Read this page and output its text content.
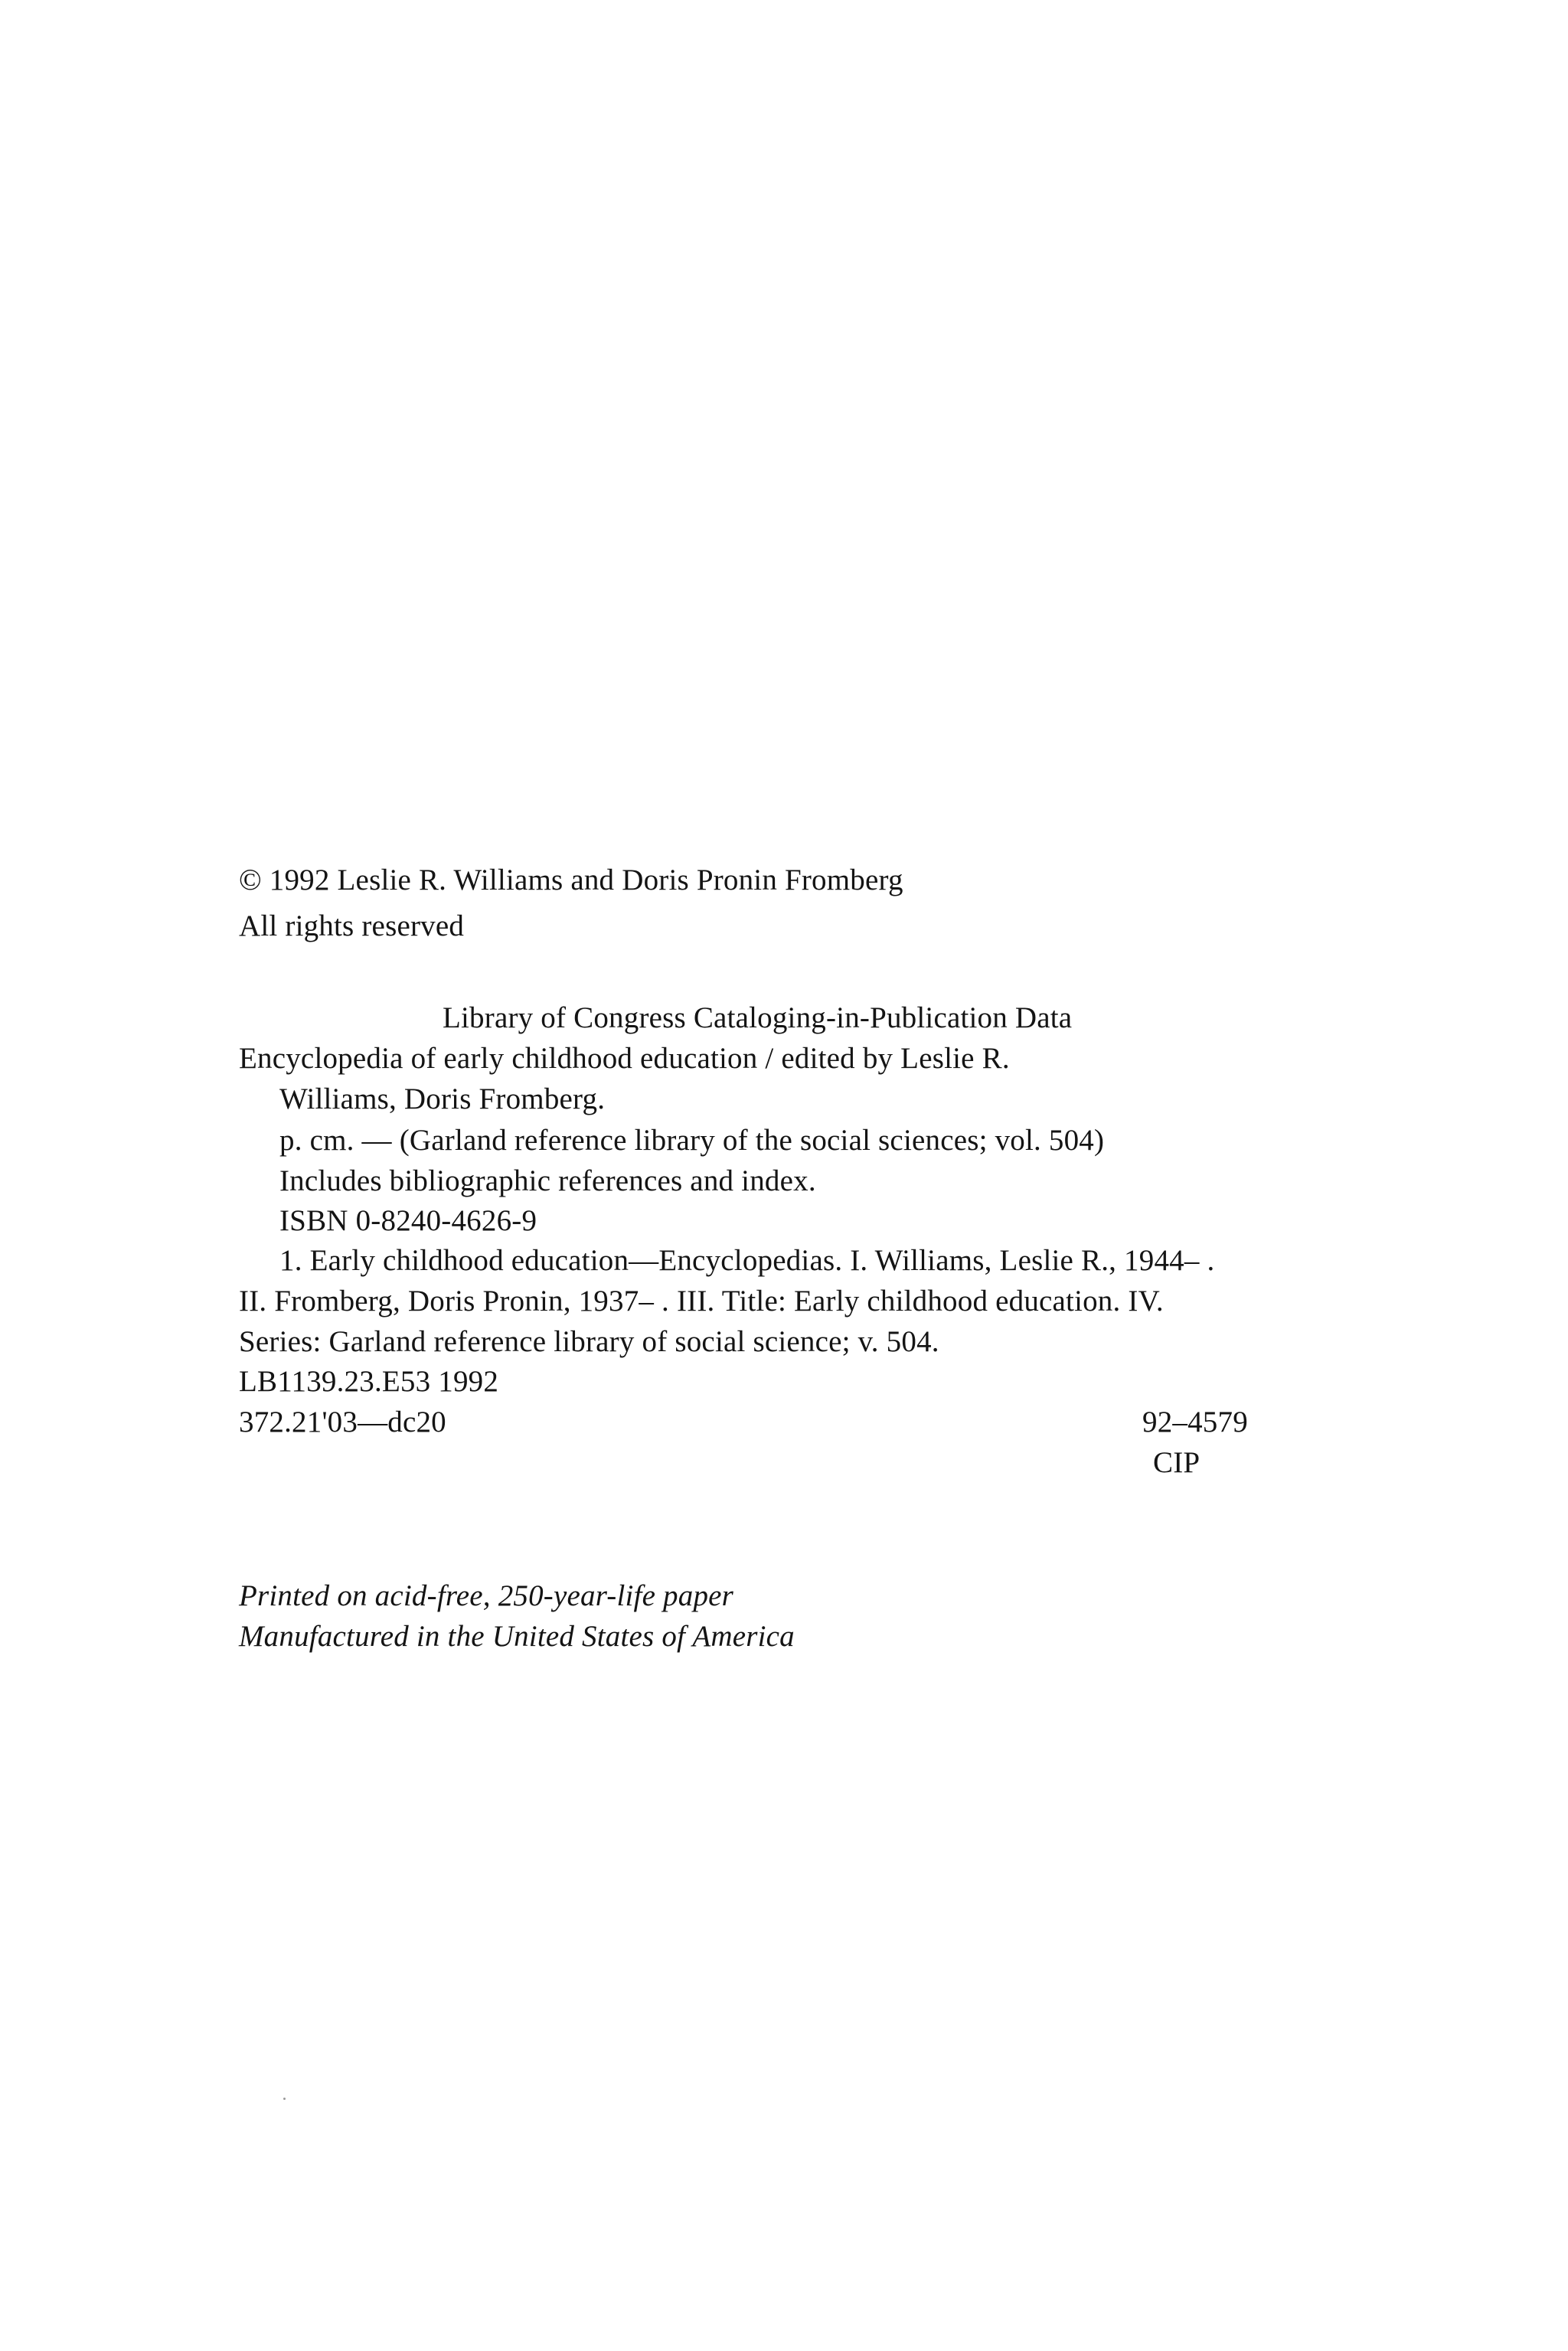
© 1992 Leslie R. Williams and Doris Pronin Fromberg
All rights reserved
Library of Congress Cataloging-in-Publication Data
Encyclopedia of early childhood education / edited by Leslie R.
Williams, Doris Fromberg.
p. cm. — (Garland reference library of the social sciences; vol. 504)
Includes bibliographic references and index.
ISBN 0-8240-4626-9
1. Early childhood education—Encyclopedias. I. Williams, Leslie R., 1944– .
II. Fromberg, Doris Pronin, 1937– . III. Title: Early childhood education. IV.
Series: Garland reference library of social science; v. 504.
LB1139.23.E53 1992
372.21'03—dc20	92–4579
CIP
Printed on acid-free, 250-year-life paper
Manufactured in the United States of America
